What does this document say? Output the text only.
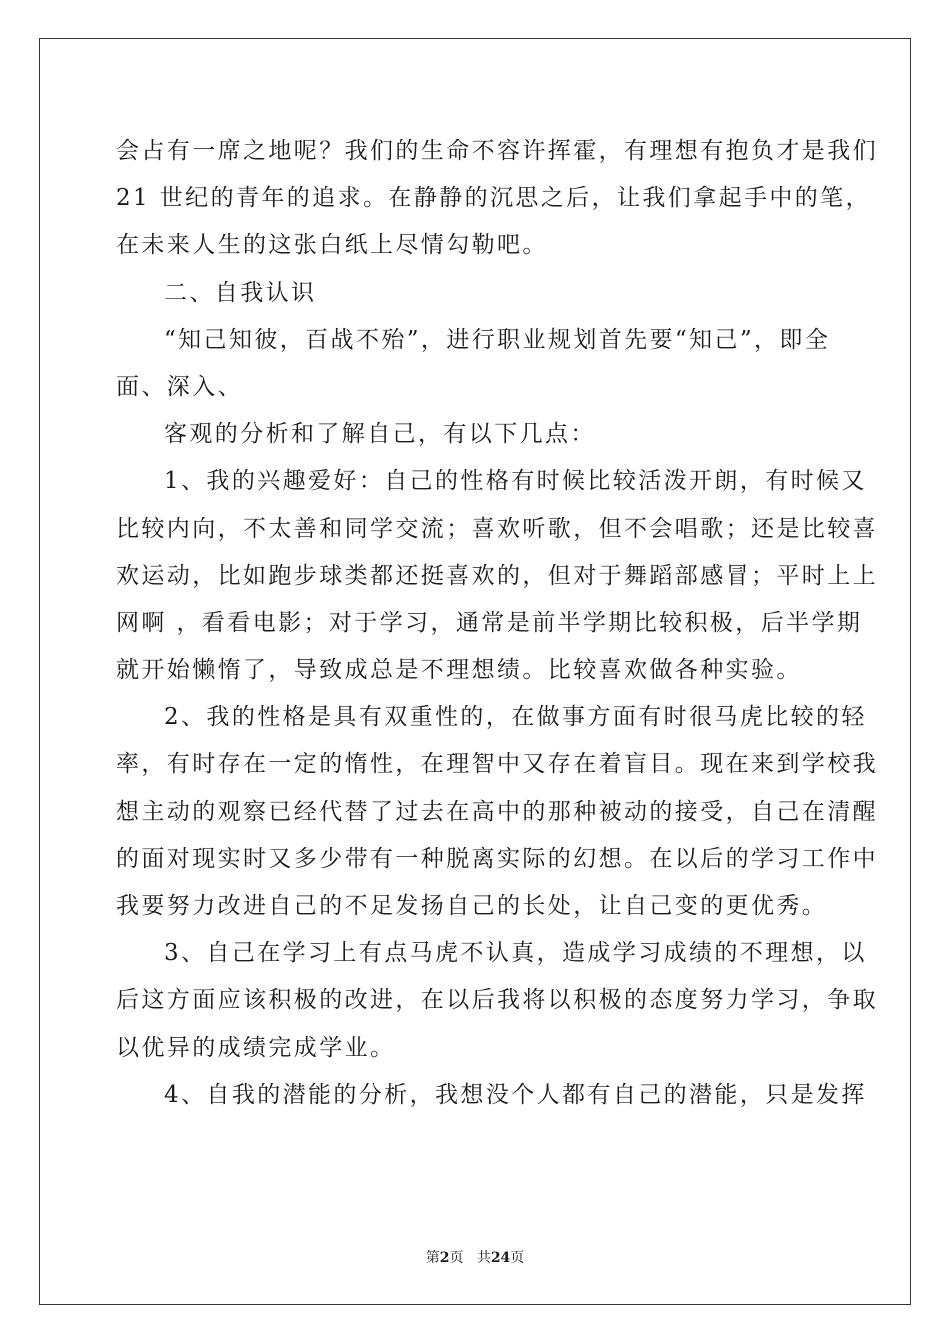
会占有一席之地呢？我们的生命不容许挥霍，有理想有抱负才是我们

21 世纪的青年的追求。在静静的沉思之后，让我们拿起手中的笔，

在未来人生的这张白纸上尽情勾勒吧。

二、自我认识

“知己知彼，百战不殆”，进行职业规划首先要“知己”，即全

面、深入、

客观的分析和了解自己，有以下几点：

1、我的兴趣爱好：自己的性格有时候比较活泼开朗，有时候又

比较内向，不太善和同学交流；喜欢听歌，但不会唱歌；还是比较喜

欢运动，比如跑步球类都还挺喜欢的，但对于舞蹈部感冒；平时上上

网啊 ，看看电影；对于学习，通常是前半学期比较积极，后半学期

就开始懒惰了，导致成总是不理想绩。比较喜欢做各种实验。

2、我的性格是具有双重性的，在做事方面有时很马虎比较的轻

率，有时存在一定的惰性，在理智中又存在着盲目。现在来到学校我

想主动的观察已经代替了过去在高中的那种被动的接受，自己在清醒

的面对现实时又多少带有一种脱离实际的幻想。在以后的学习工作中

我要努力改进自己的不足发扬自己的长处，让自己变的更优秀。

3、自己在学习上有点马虎不认真，造成学习成绩的不理想，以

后这方面应该积极的改进，在以后我将以积极的态度努力学习，争取

以优异的成绩完成学业。

4、自我的潜能的分析，我想没个人都有自己的潜能，只是发挥

第2页 共24页
